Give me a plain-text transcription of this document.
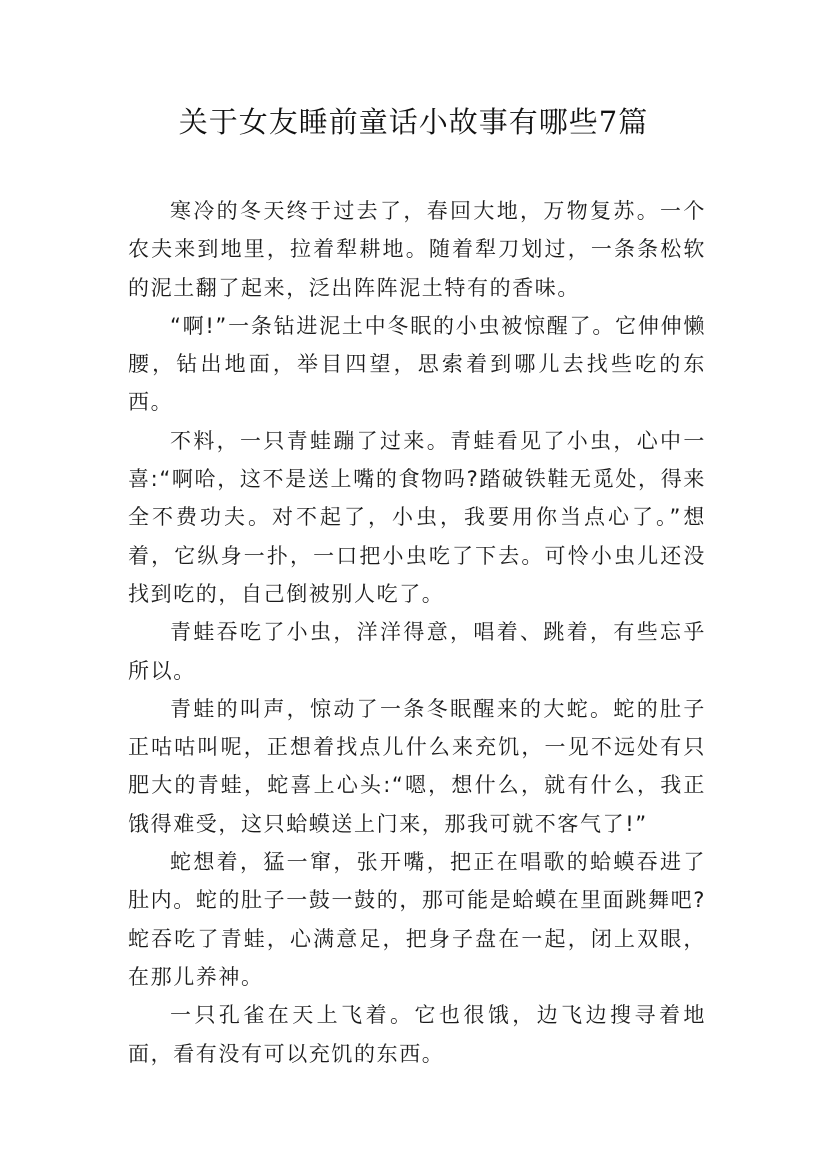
关于女友睡前童话小故事有哪些7篇

寒冷的冬天终于过去了，春回大地，万物复苏。一个农夫来到地里，拉着犁耕地。随着犁刀划过，一条条松软的泥土翻了起来，泛出阵阵泥土特有的香味。

“啊!”一条钻进泥土中冬眠的小虫被惊醒了。它伸伸懒腰，钻出地面，举目四望，思索着到哪儿去找些吃的东西。

不料，一只青蛙蹦了过来。青蛙看见了小虫，心中一喜:“啊哈，这不是送上嘴的食物吗?踏破铁鞋无觅处，得来全不费功夫。对不起了，小虫，我要用你当点心了。”想着，它纵身一扑，一口把小虫吃了下去。可怜小虫儿还没找到吃的，自己倒被别人吃了。

青蛙吞吃了小虫，洋洋得意，唱着、跳着，有些忘乎所以。

青蛙的叫声，惊动了一条冬眠醒来的大蛇。蛇的肚子正咕咕叫呢，正想着找点儿什么来充饥，一见不远处有只肥大的青蛙，蛇喜上心头:“嗯，想什么，就有什么，我正饿得难受，这只蛤蟆送上门来，那我可就不客气了!”

蛇想着，猛一窜，张开嘴，把正在唱歌的蛤蟆吞进了肚内。蛇的肚子一鼓一鼓的，那可能是蛤蟆在里面跳舞吧?蛇吞吃了青蛙，心满意足，把身子盘在一起，闭上双眼，在那儿养神。

一只孔雀在天上飞着。它也很饿，边飞边搜寻着地面，看有没有可以充饥的东西。
